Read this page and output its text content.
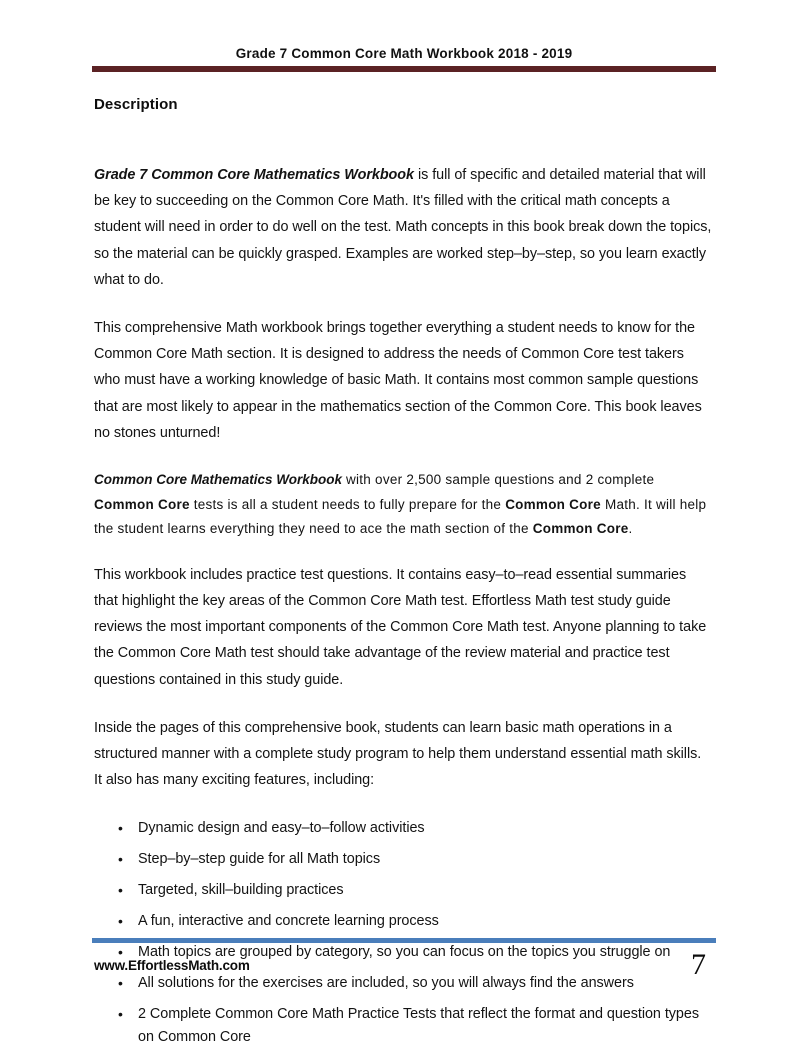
Grade 7 Common Core Math Workbook 2018 - 2019
Description

Grade 7 Common Core Mathematics Workbook is full of specific and detailed material that will be key to succeeding on the Common Core Math. It's filled with the critical math concepts a student will need in order to do well on the test. Math concepts in this book break down the topics, so the material can be quickly grasped. Examples are worked step–by–step, so you learn exactly what to do.

This comprehensive Math workbook brings together everything a student needs to know for the Common Core Math section. It is designed to address the needs of Common Core test takers who must have a working knowledge of basic Math. It contains most common sample questions that are most likely to appear in the mathematics section of the Common Core. This book leaves no stones unturned!

Common Core Mathematics Workbook with over 2,500 sample questions and 2 complete Common Core tests is all a student needs to fully prepare for the Common Core Math. It will help the student learns everything they need to ace the math section of the Common Core.

This workbook includes practice test questions. It contains easy–to–read essential summaries that highlight the key areas of the Common Core Math test. Effortless Math test study guide reviews the most important components of the Common Core Math test. Anyone planning to take the Common Core Math test should take advantage of the review material and practice test questions contained in this study guide.

Inside the pages of this comprehensive book, students can learn basic math operations in a structured manner with a complete study program to help them understand essential math skills. It also has many exciting features, including:

• Dynamic design and easy–to–follow activities
• Step–by–step guide for all Math topics
• Targeted, skill–building practices
• A fun, interactive and concrete learning process
• Math topics are grouped by category, so you can focus on the topics you struggle on
• All solutions for the exercises are included, so you will always find the answers
• 2 Complete Common Core Math Practice Tests that reflect the format and question types on Common Core
www.EffortlessMath.com	7
